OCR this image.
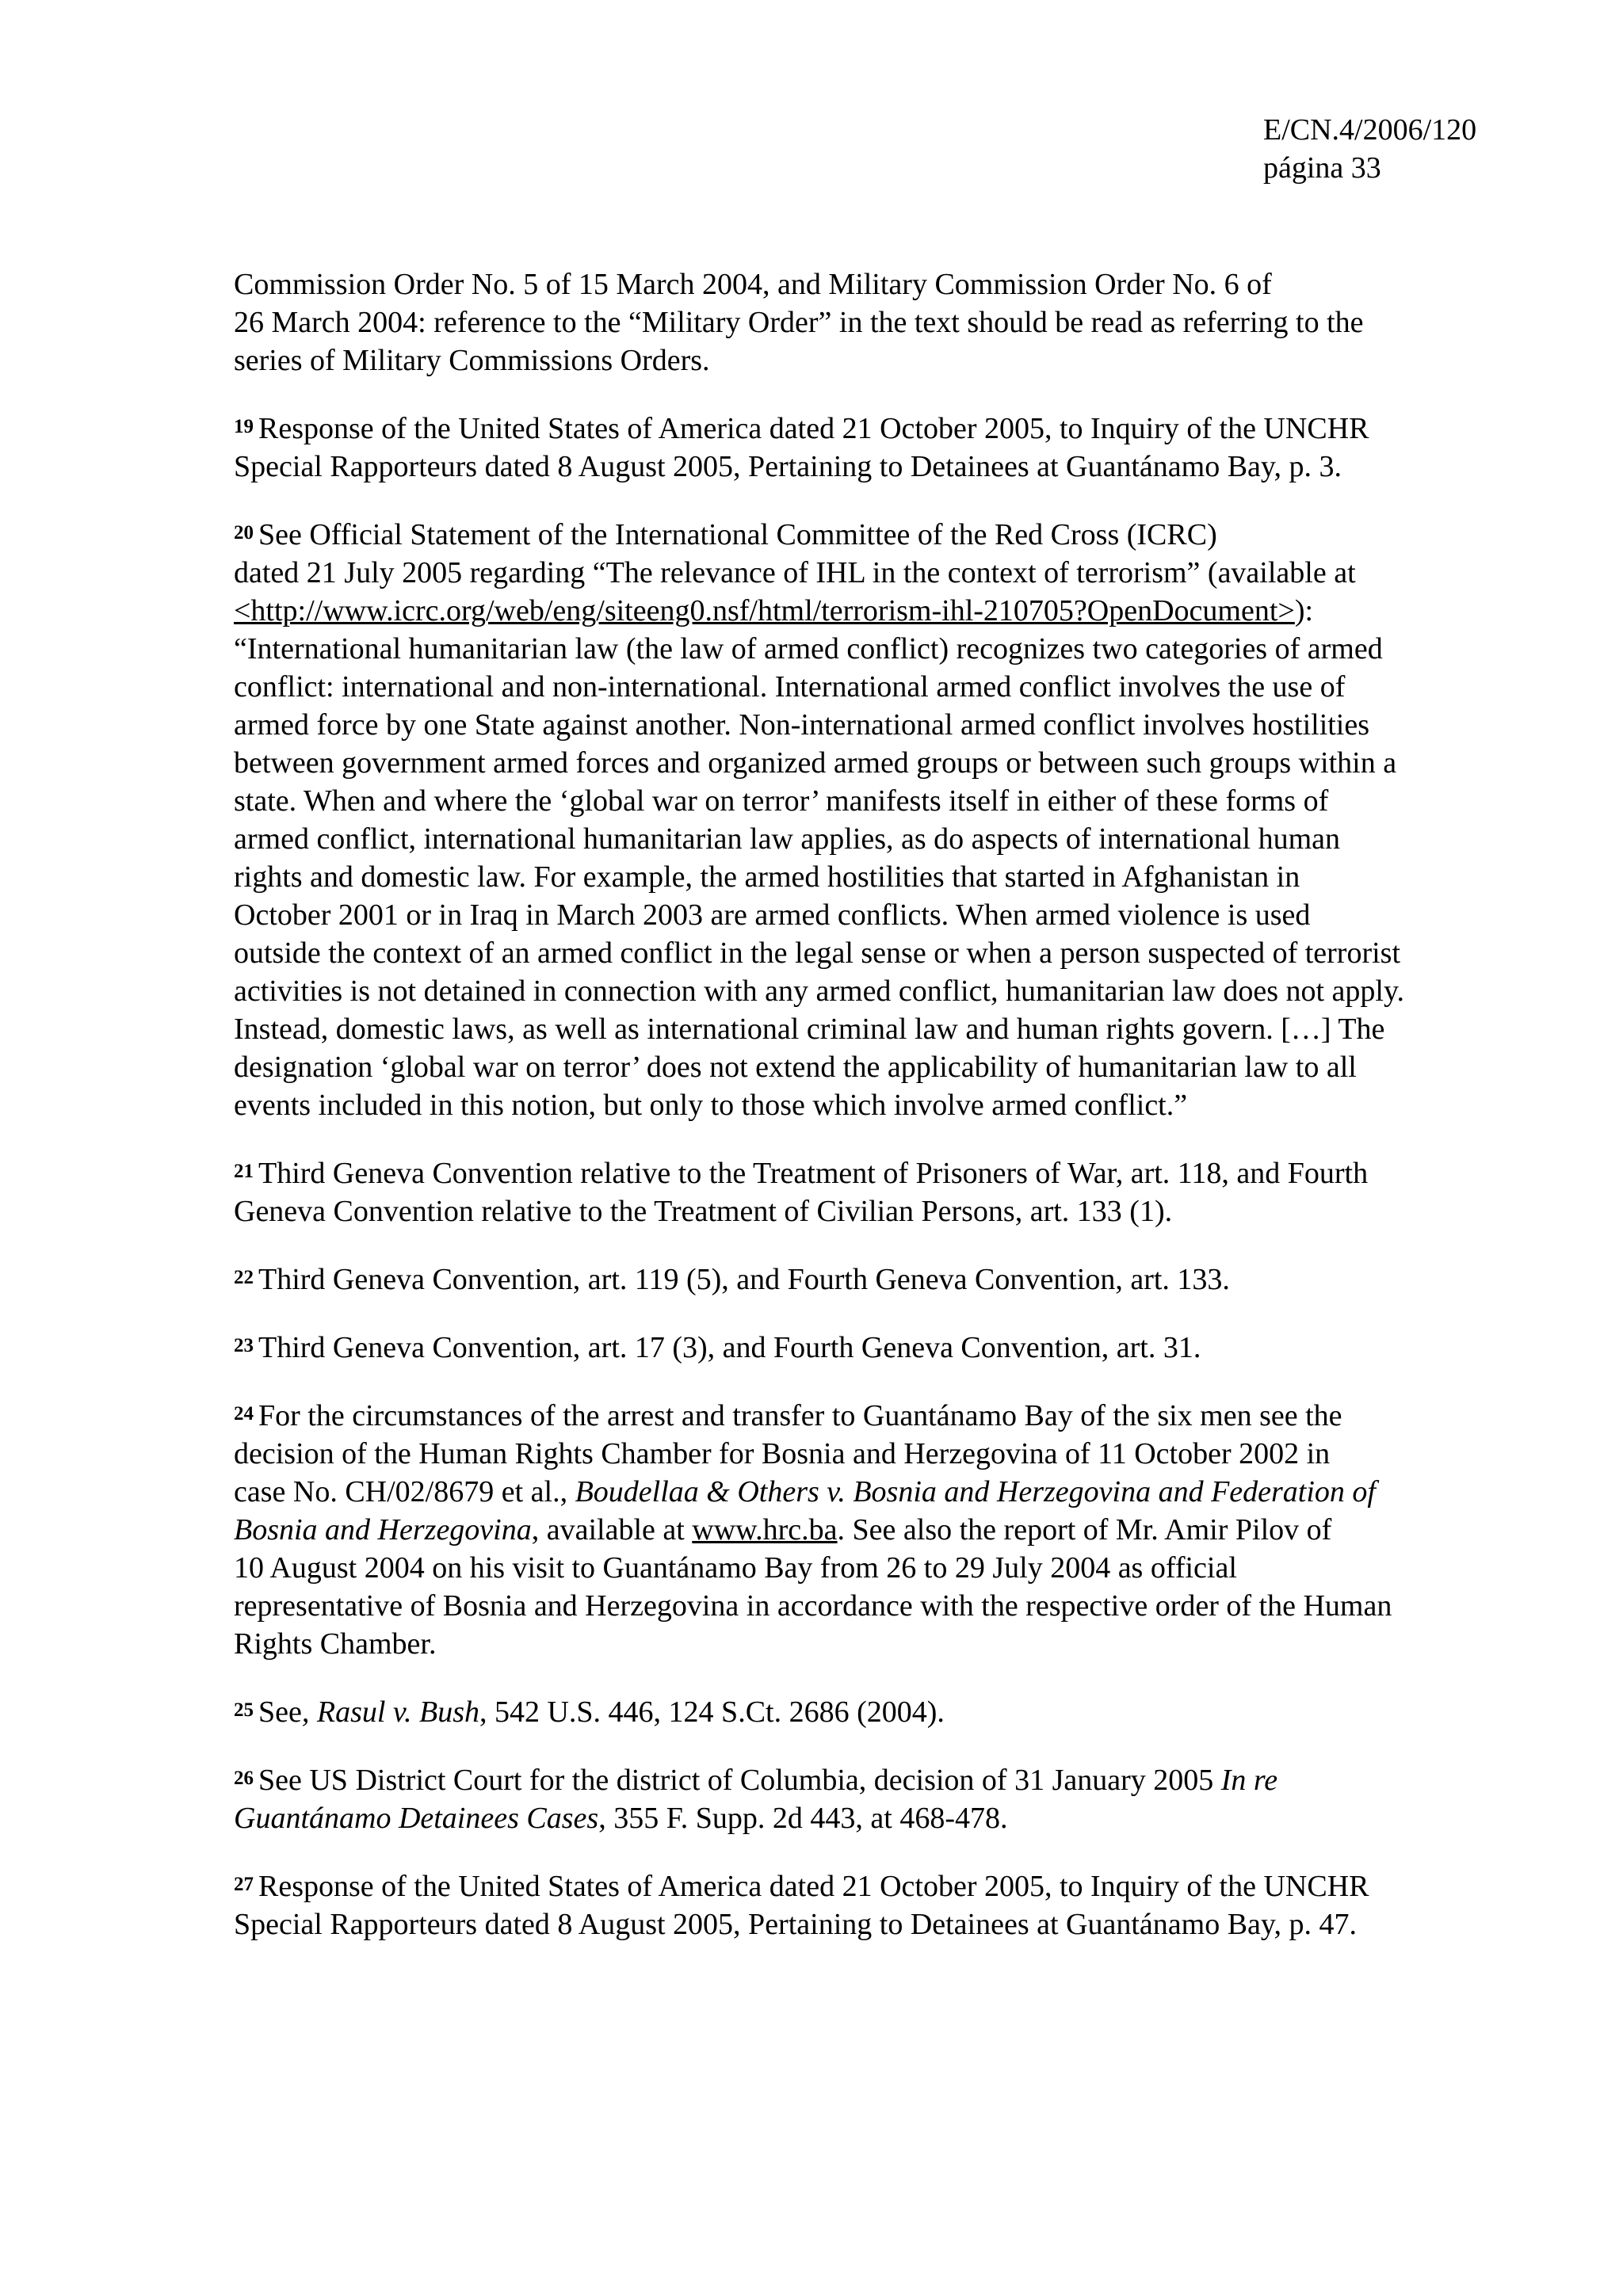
E/CN.4/2006/120
página 33
Commission Order No. 5 of 15 March 2004, and Military Commission Order No. 6 of
26 March 2004: reference to the “Military Order” in the text should be read as referring to the
series of Military Commissions Orders.
$^{19}$ Response of the United States of America dated 21 October 2005, to Inquiry of the UNCHR
Special Rapporteurs dated 8 August 2005, Pertaining to Detainees at Guantánamo Bay, p. 3.
$^{20}$ See Official Statement of the International Committee of the Red Cross (ICRC)
dated 21 July 2005 regarding “The relevance of IHL in the context of terrorism” (available at
<http://www.icrc.org/web/eng/siteeng0.nsf/html/terrorism-ihl-210705?OpenDocument>):
“International humanitarian law (the law of armed conflict) recognizes two categories of armed
conflict: international and non-international. International armed conflict involves the use of
armed force by one State against another. Non-international armed conflict involves hostilities
between government armed forces and organized armed groups or between such groups within a
state. When and where the ‘global war on terror’ manifests itself in either of these forms of
armed conflict, international humanitarian law applies, as do aspects of international human
rights and domestic law. For example, the armed hostilities that started in Afghanistan in
October 2001 or in Iraq in March 2003 are armed conflicts. When armed violence is used
outside the context of an armed conflict in the legal sense or when a person suspected of terrorist
activities is not detained in connection with any armed conflict, humanitarian law does not apply.
Instead, domestic laws, as well as international criminal law and human rights govern. […] The
designation ‘global war on terror’ does not extend the applicability of humanitarian law to all
events included in this notion, but only to those which involve armed conflict.”
$^{21}$ Third Geneva Convention relative to the Treatment of Prisoners of War, art. 118, and Fourth
Geneva Convention relative to the Treatment of Civilian Persons, art. 133 (1).
$^{22}$ Third Geneva Convention, art. 119 (5), and Fourth Geneva Convention, art. 133.
$^{23}$ Third Geneva Convention, art. 17 (3), and Fourth Geneva Convention, art. 31.
$^{24}$ For the circumstances of the arrest and transfer to Guantánamo Bay of the six men see the
decision of the Human Rights Chamber for Bosnia and Herzegovina of 11 October 2002 in
case No. CH/02/8679 et al., Boudellaa & Others v. Bosnia and Herzegovina and Federation of
Bosnia and Herzegovina, available at www.hrc.ba. See also the report of Mr. Amir Pilov of
10 August 2004 on his visit to Guantánamo Bay from 26 to 29 July 2004 as official
representative of Bosnia and Herzegovina in accordance with the respective order of the Human
Rights Chamber.
$^{25}$ See, Rasul v. Bush, 542 U.S. 446, 124 S.Ct. 2686 (2004).
$^{26}$ See US District Court for the district of Columbia, decision of 31 January 2005 In re
Guantánamo Detainees Cases, 355 F. Supp. 2d 443, at 468-478.
$^{27}$ Response of the United States of America dated 21 October 2005, to Inquiry of the UNCHR
Special Rapporteurs dated 8 August 2005, Pertaining to Detainees at Guantánamo Bay, p. 47.
